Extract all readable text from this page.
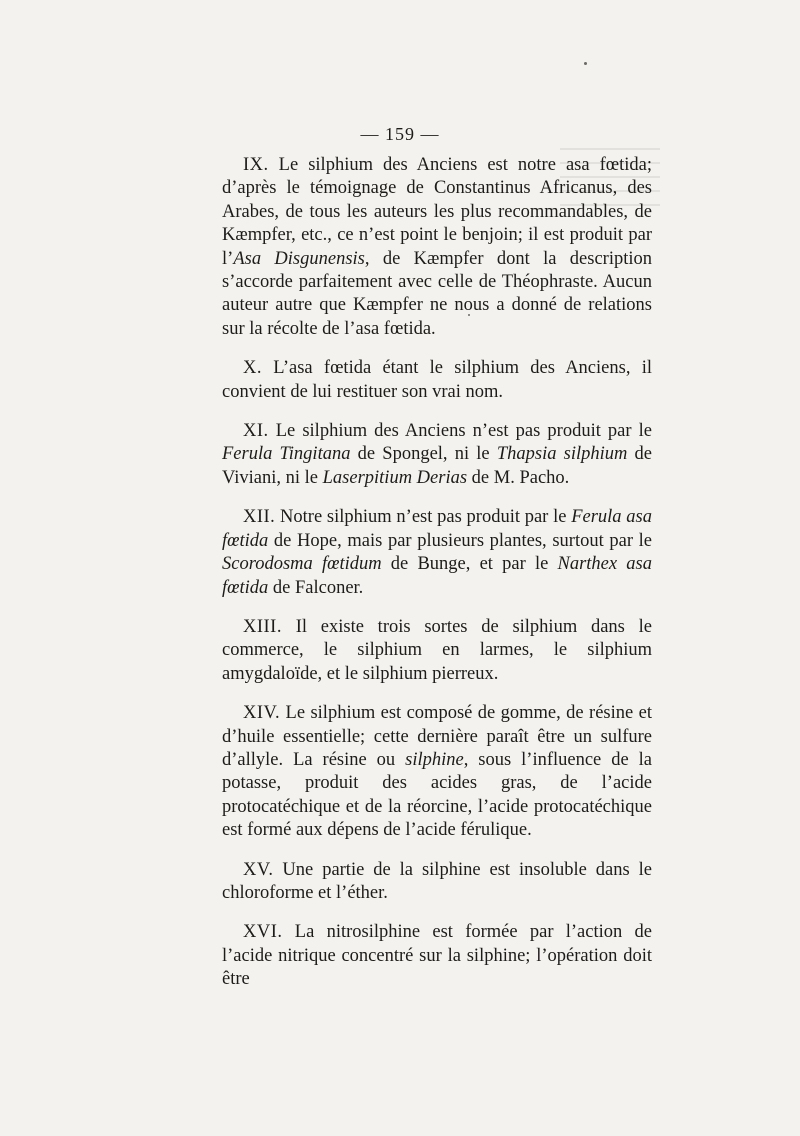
— 159 —

IX. Le silphium des Anciens est notre asa fœtida; d’après le témoignage de Constantinus Africanus, des Arabes, de tous les auteurs les plus recommandables, de Kæmpfer, etc., ce n’est point le benjoin; il est produit par l’Asa Disgunensis, de Kæmpfer dont la description s’accorde parfaitement avec celle de Théophraste. Aucun auteur autre que Kæmpfer ne nous a donné de relations sur la récolte de l’asa fœtida.

X. L’asa fœtida étant le silphium des Anciens, il convient de lui restituer son vrai nom.

XI. Le silphium des Anciens n’est pas produit par le Ferula Tingitana de Spongel, ni le Thapsia silphium de Viviani, ni le Laserpitium Derias de M. Pacho.

XII. Notre silphium n’est pas produit par le Ferula asa fœtida de Hope, mais par plusieurs plantes, surtout par le Scorodosma fœtidum de Bunge, et par le Narthex asa fœtida de Falconer.

XIII. Il existe trois sortes de silphium dans le commerce, le silphium en larmes, le silphium amygdaloïde, et le silphium pierreux.

XIV. Le silphium est composé de gomme, de résine et d’huile essentielle; cette dernière paraît être un sulfure d’allyle. La résine ou silphine, sous l’influence de la potasse, produit des acides gras, de l’acide protocatéchique et de la réorcine, l’acide protocatéchique est formé aux dépens de l’acide férulique.

XV. Une partie de la silphine est insoluble dans le chloroforme et l’éther.

XVI. La nitrosilphine est formée par l’action de l’acide nitrique concentré sur la silphine; l’opération doit être
